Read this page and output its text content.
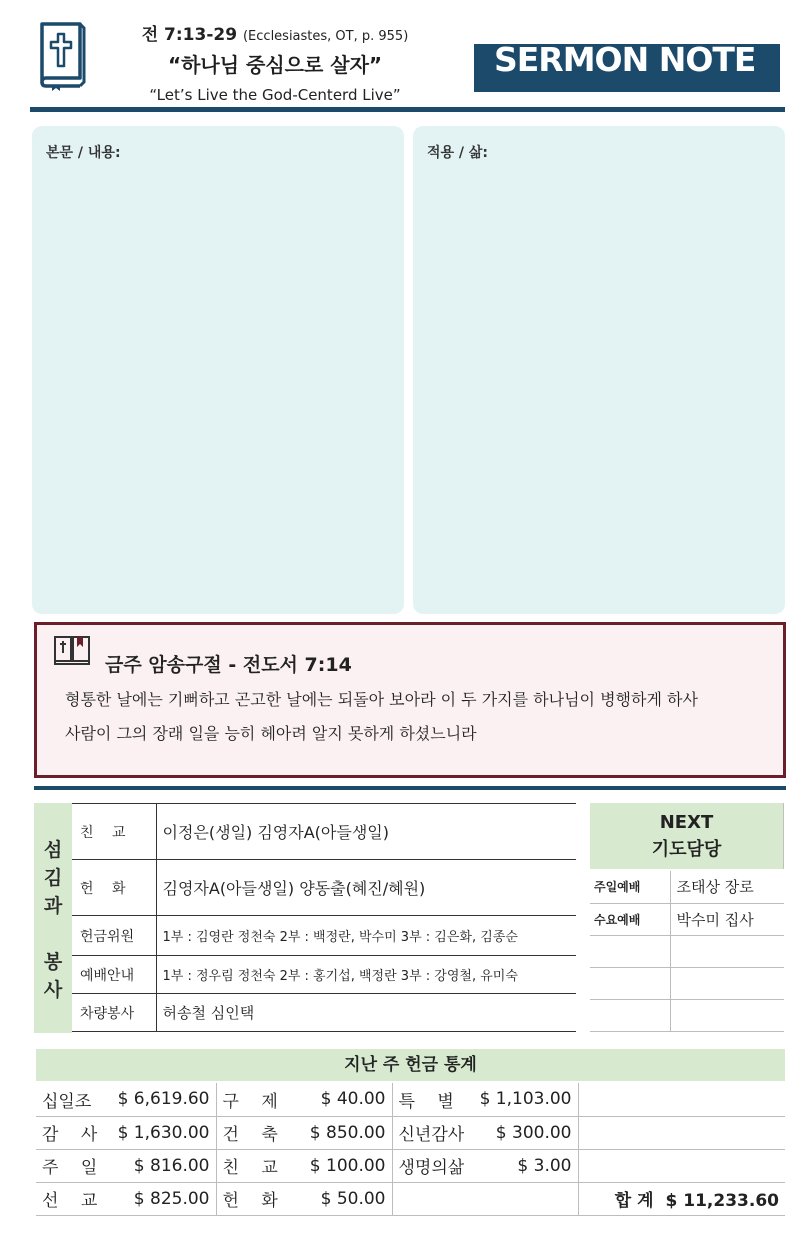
전 7:13-29 (Ecclesiastes, OT, p. 955)
“하나님 중심으로 살자”
“Let’s Live the God-Centerd Live”
SERMON NOTE
본문 / 내용:	적용 / 삶:
금주 암송구절 - 전도서 7:14
형통한 날에는 기뻐하고 곤고한 날에는 되돌아 보아라 이 두 가지를 하나님이 병행하게 하사
사람이 그의 장래 일을 능히 헤아려 알지 못하게 하셨느니라
섬
김
과
봉
사
친　 교	이정은(생일) 김영자A(아들생일)
헌　 화	김영자A(아들생일) 양동출(혜진/혜원)
헌금위원	1부 : 김영란 정천숙 2부 : 백정란, 박수미 3부 : 김은화, 김종순
예배안내	1부 : 정우림 정천숙 2부 : 홍기섭, 백정란 3부 : 강영철, 유미숙
차량봉사	허송철 심인택
NEXT
기도담당
주일예배	조태상 장로
수요예배	박수미 집사

지난 주 헌금 통계
십일조	$ 6,619.60	구　 제	$ 40.00	특　 별	$ 1,103.00	
감　 사	$ 1,630.00	건　 축	$ 850.00	신년감사	$ 300.00	
주　 일	$ 816.00	친　 교	$ 100.00	생명의삶	$ 3.00	
선　 교	$ 825.00	헌　 화	$ 50.00			합 계 $ 11,233.60
